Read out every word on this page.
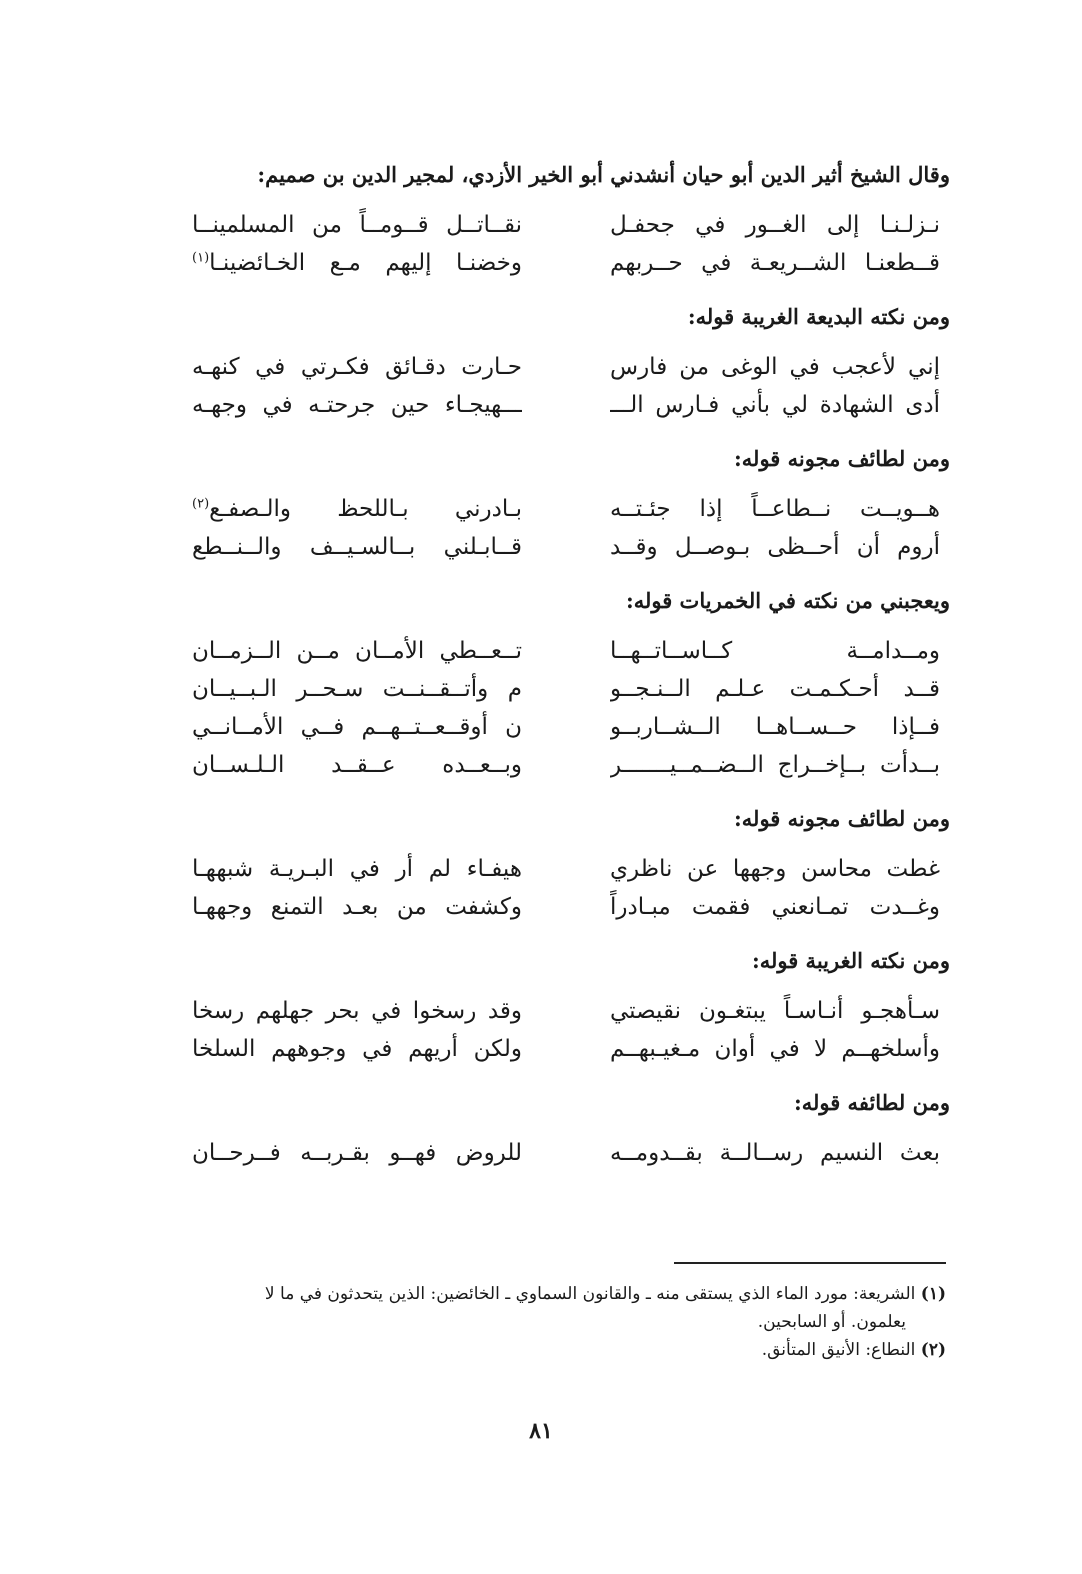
وقال الشيخ أثير الدين أبو حيان أنشدني أبو الخير الأزدي، لمجير الدين بن صميم:

نـزلـنـا إلى الغــور في جحفـل
نقــاتــل قــومــاً من المسلمينــا
قــطعنـا الشــريعـة في حــربهم
وخضنـا إليهم مـع الخـائضينـا$^{(١)}$

ومن نكته البديعة الغريبة قوله:

إني لأعجب في الوغى من فارس
حـارت دقـائق فكـرتي في كنهـه
أدى الشهادة لي بأني فـارس الـــ
ـــهيجـاء حين جرحتـه في وجهـه

ومن لطائف مجونه قوله:

هــويــت نــطاعــاً إذا جئـتــه
بـادرني بـاللحظ والـصفـع$^{(٢)}$
أروم أن أحــظى بـوصــل وقــد
قــابـلني بــالسـيــف والــنــطع

ويعجبني من نكته في الخمريات قوله:

ومــدامــة كــاســاتــهــا
تــعــطي الأمــان مــن الــزمــان
قــد أحـكـمـت عـلـم الــنـجــو
م وأتــقــنــت سـحــر الـبــيــان
فــإذا حــســاهــا الــشــاربــو
ن أوقــعــتــهــم فــي الأمــانــي
بــدأت بــإخــراج الــضــمــيـــــــر
وبــعــده عــقــد الـلـســان

ومن لطائف مجونه قوله:

غطت محاسن وجهها عن ناظري
هيفـاء لم أر في البـريـة شبههـا
وغــدت تمـانعني فقمت مبـادراً
وكشفت من بعـد التمنع وجههـا

ومن نكته الغريبة قوله:

سـأهجـو أنـاسـاً يبتغـون نقيصتي
وقد رسخوا في بحر جهلهم رسخا
وأسلخهــم لا في أوان مـغيـبهــم
ولكن أريهم في وجوههم السلخا

ومن لطائفه قوله:

بعث النسيم رســالــة بقــدومــه
للروض فهــو بقـربــه فــرحــان

(١) الشريعة: مورد الماء الذي يستقى منه ـ والقانون السماوي ـ الخائضين: الذين يتحدثون في ما لا
يعلمون. أو السابحين.

(٢) النطاع: الأنيق المتأنق.

٨١
